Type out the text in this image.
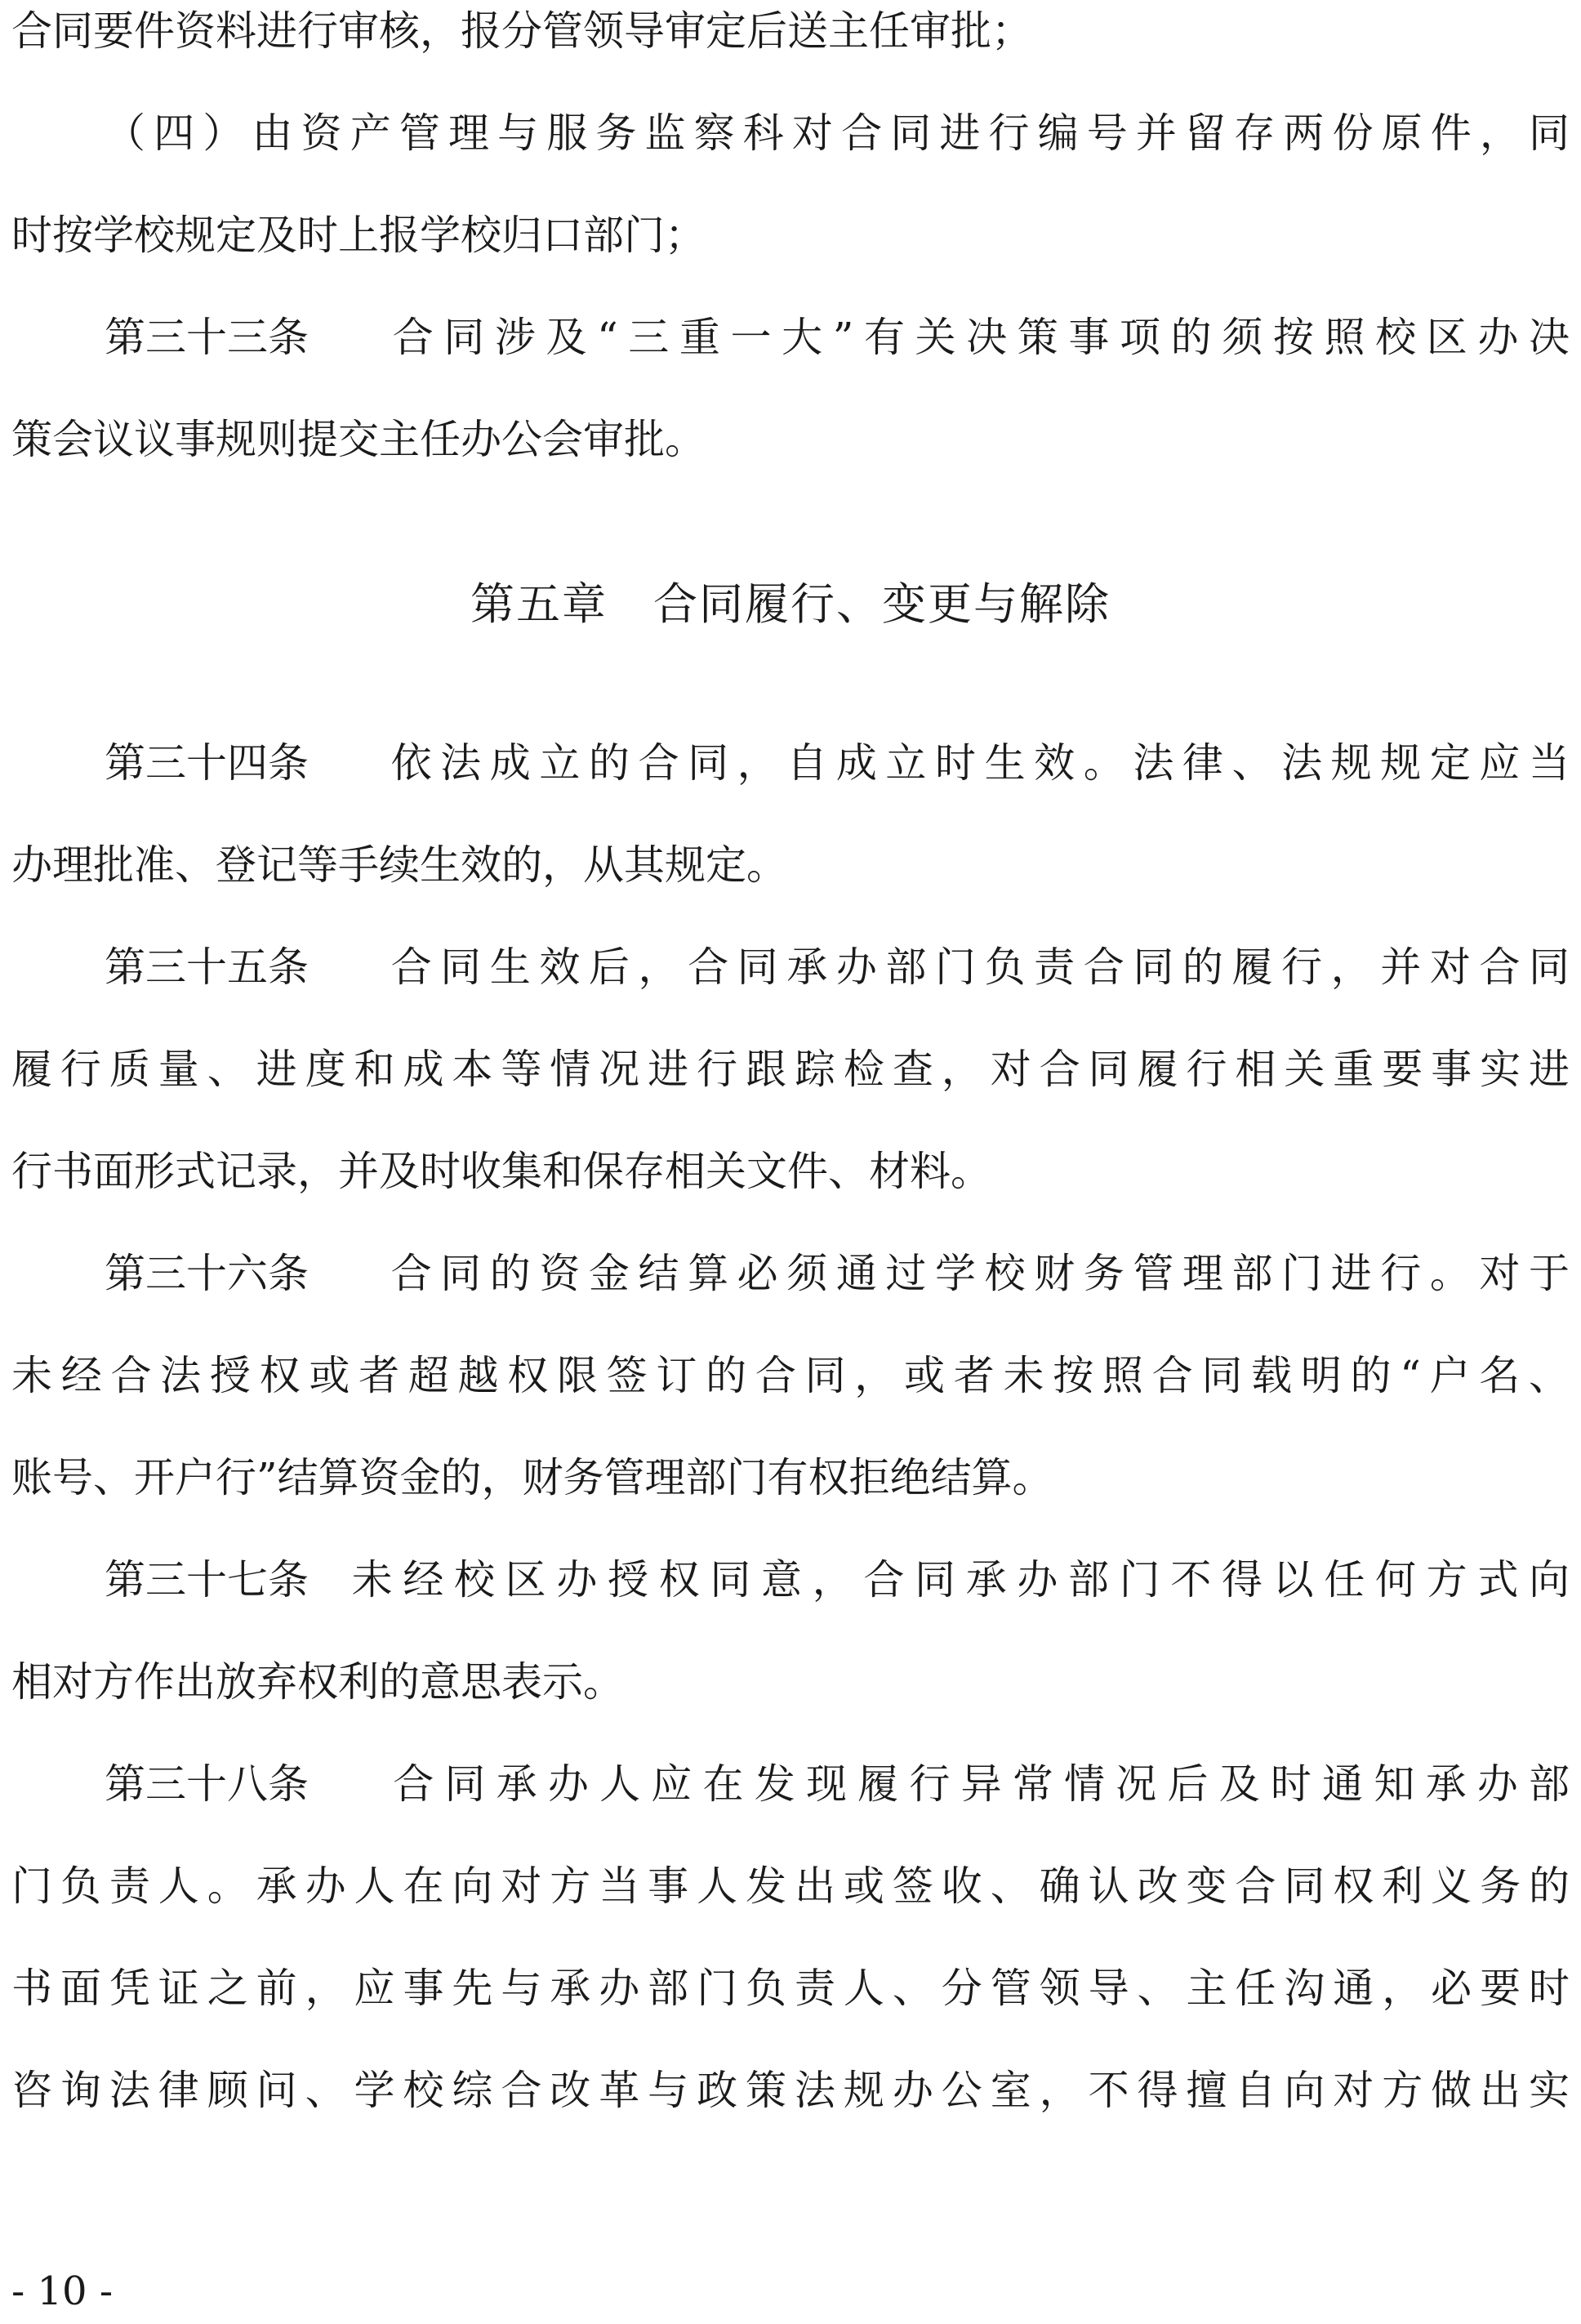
合同要件资料进行审核，报分管领导审定后送主任审批；
（四）由资产管理与服务监察科对合同进行编号并留存两份原件，同
时按学校规定及时上报学校归口部门；
第三十三条 合同涉及“三重一大”有关决策事项的须按照校区办决
策会议议事规则提交主任办公会审批。
第五章 合同履行、变更与解除
第三十四条 依法成立的合同，自成立时生效。法律、法规规定应当
办理批准、登记等手续生效的，从其规定。
第三十五条 合同生效后，合同承办部门负责合同的履行，并对合同
履行质量、进度和成本等情况进行跟踪检查，对合同履行相关重要事实进
行书面形式记录，并及时收集和保存相关文件、材料。
第三十六条 合同的资金结算必须通过学校财务管理部门进行。对于
未经合法授权或者超越权限签订的合同，或者未按照合同载明的“户名、
账号、开户行”结算资金的，财务管理部门有权拒绝结算。
第三十七条 未经校区办授权同意，合同承办部门不得以任何方式向
相对方作出放弃权利的意思表示。
第三十八条 合同承办人应在发现履行异常情况后及时通知承办部
门负责人。承办人在向对方当事人发出或签收、确认改变合同权利义务的
书面凭证之前，应事先与承办部门负责人、分管领导、主任沟通，必要时
咨询法律顾问、学校综合改革与政策法规办公室，不得擅自向对方做出实
- 10 -
